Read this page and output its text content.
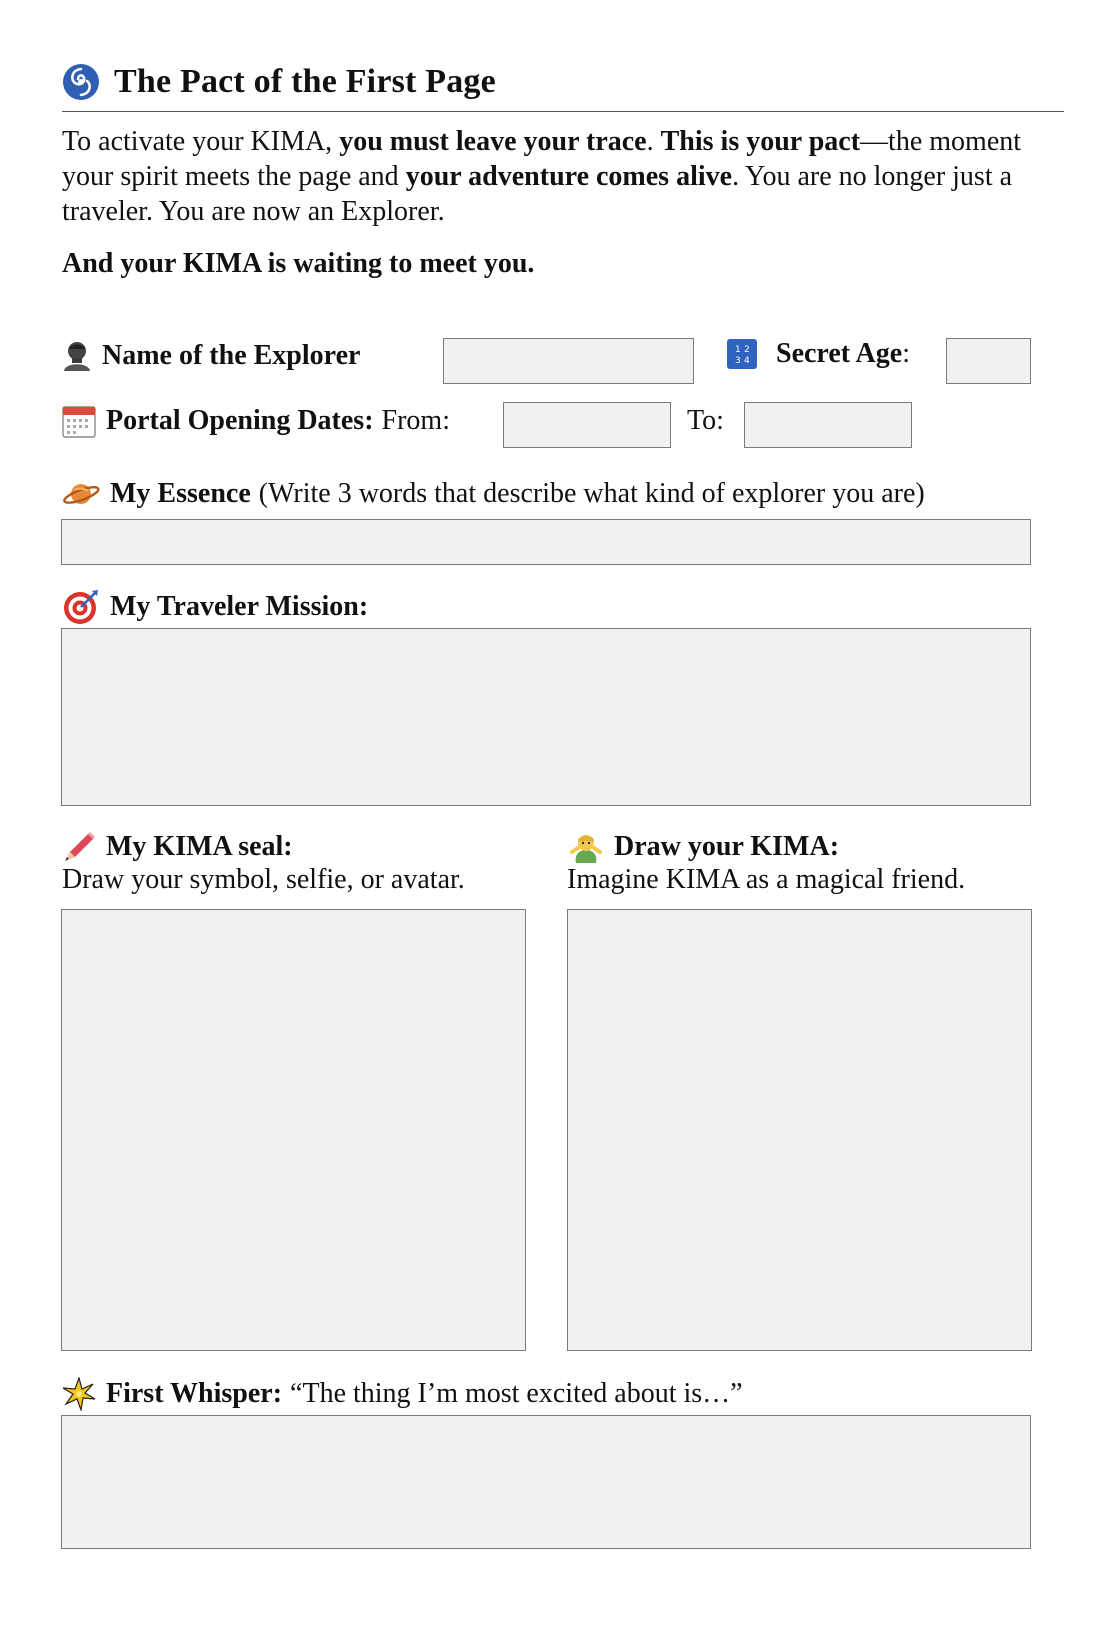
The Pact of the First Page
To activate your KIMA, you must leave your trace. This is your pact—the moment your spirit meets the page and your adventure comes alive. You are no longer just a traveler. You are now an Explorer.
And your KIMA is waiting to meet you.
Name of the Explorer	1 2
3 4 Secret Age :
Portal Opening Dates: From:	To:
My Essence (Write 3 words that describe what kind of explorer you are)
My Traveler Mission:
My KIMA seal:
Draw your symbol, selfie, or avatar.
Draw your KIMA:
Imagine KIMA as a magical friend.
First Whisper: “The thing I’m most excited about is…”
